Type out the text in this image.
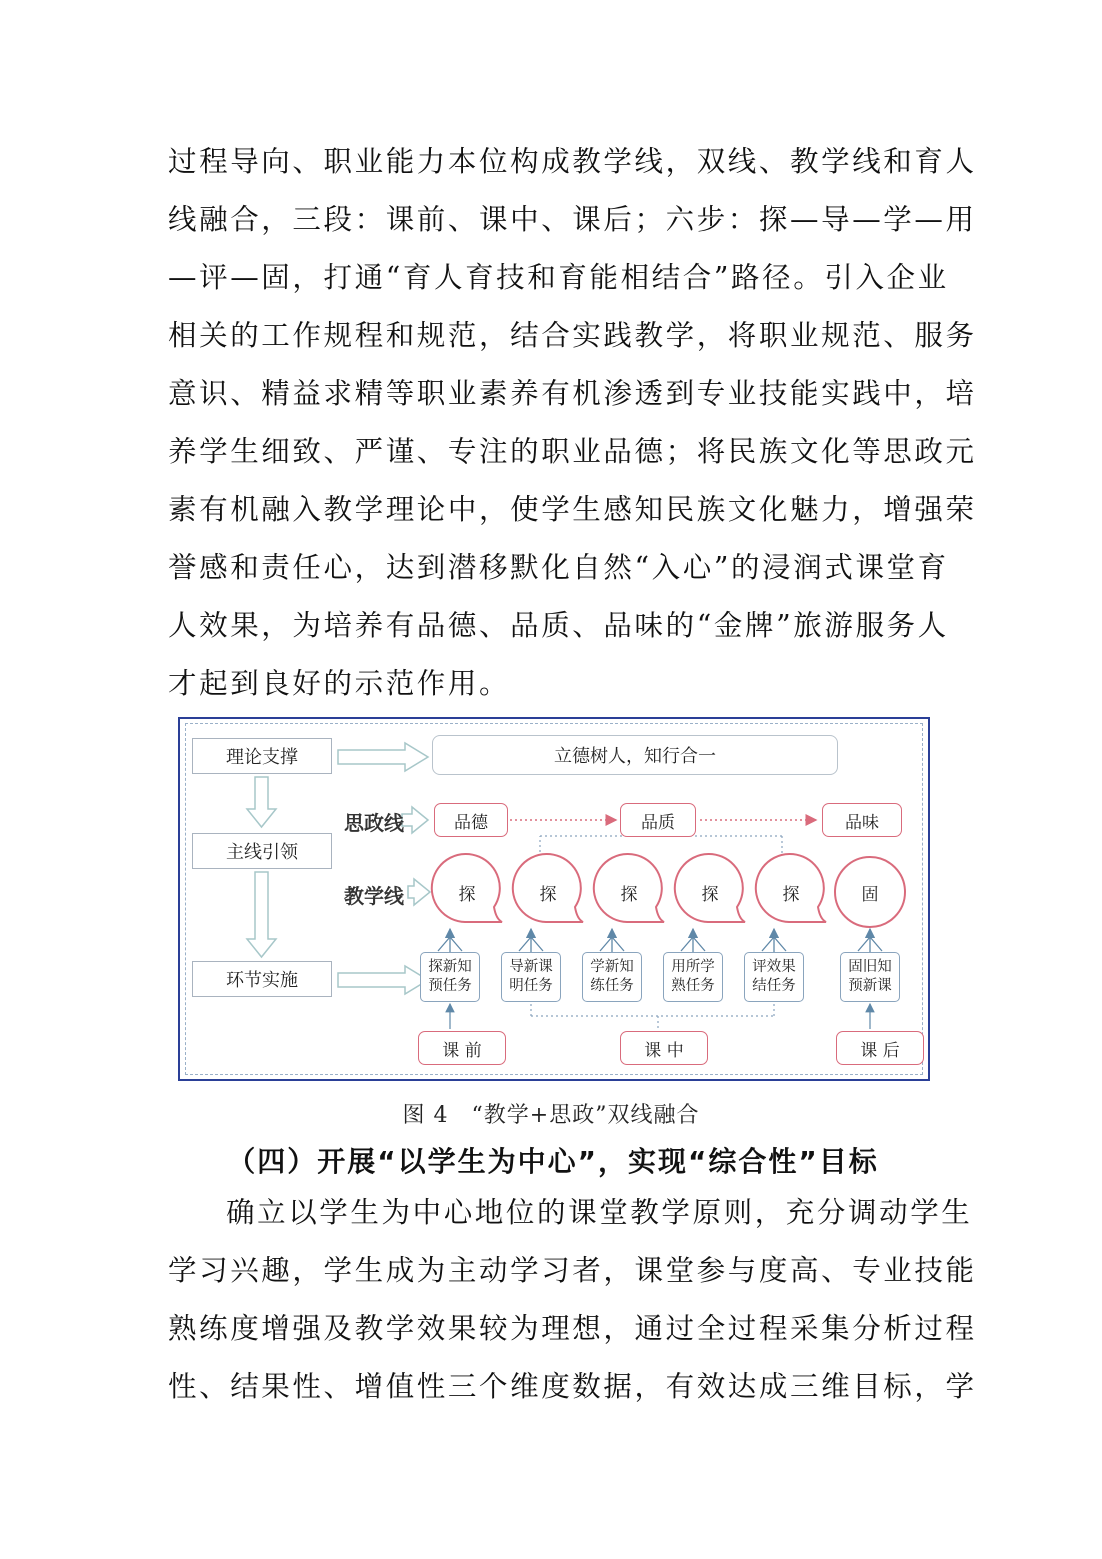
过程导向、职业能力本位构成教学线，双线、教学线和育人
线融合，三段：课前、课中、课后；六步：探—导—学—用
—评—固，打通“育人育技和育能相结合”路径。引入企业
相关的工作规程和规范，结合实践教学，将职业规范、服务
意识、精益求精等职业素养有机渗透到专业技能实践中，培
养学生细致、严谨、专注的职业品德；将民族文化等思政元
素有机融入教学理论中，使学生感知民族文化魅力，增强荣
誉感和责任心，达到潜移默化自然“入心”的浸润式课堂育
人效果，为培养有品德、品质、品味的“金牌”旅游服务人
才起到良好的示范作用。
理论支撑
主线引领
环节实施
立德树人，知行合一
思政线
教学线
品德	品质	品味
探	探	探	探	探	固
探新知
预任务
导新课
明任务
学新知
练任务
用所学
熟任务
评效果
结任务
固旧知
预新课
课 前	课 中	课 后
图 4　“教学+思政”双线融合
（四）开展“以学生为中心”，实现“综合性”目标
确立以学生为中心地位的课堂教学原则，充分调动学生
学习兴趣，学生成为主动学习者，课堂参与度高、专业技能
熟练度增强及教学效果较为理想，通过全过程采集分析过程
性、结果性、增值性三个维度数据，有效达成三维目标，学
